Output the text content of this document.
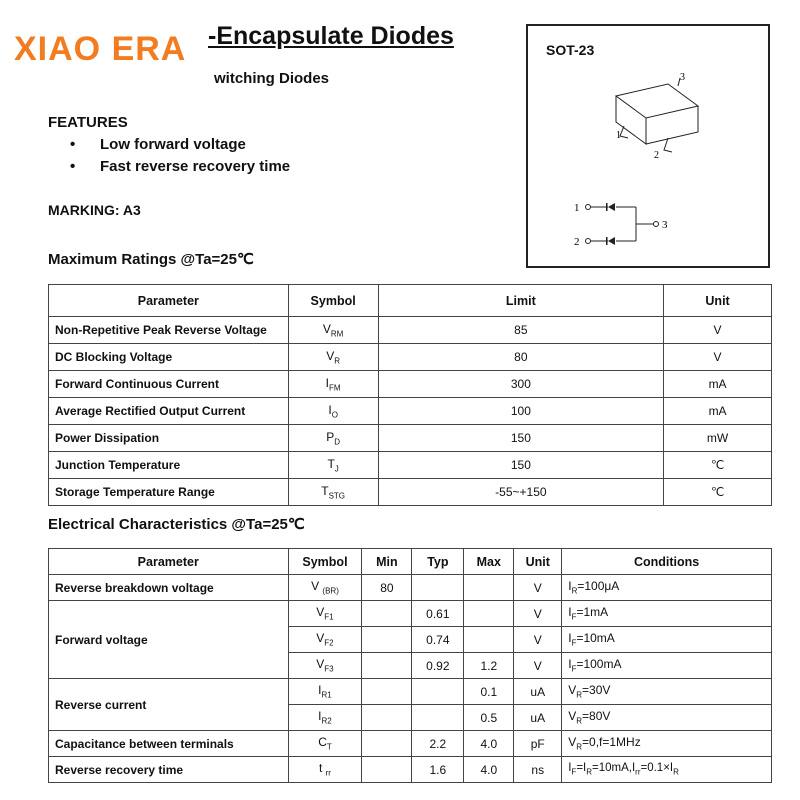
XIAO ERA -Encapsulate Diodes
witching Diodes
FEATURES
• Low forward voltage
• Fast reverse recovery time
MARKING: A3
SOT-23
1
2
3
1
2
3
Maximum Ratings @Ta=25℃
Parameter	Symbol	Limit	Unit
Non-Repetitive Peak Reverse Voltage	$V_{RM}$	85	V
DC Blocking Voltage	$V_R$	80	V
Forward Continuous Current	$I_{FM}$	300	mA
Average Rectified Output Current	$I_O$	100	mA
Power Dissipation	$P_D$	150	mW
Junction Temperature	$T_J$	150	℃
Storage Temperature Range	$T_{STG}$	-55~+150	℃
Electrical Characteristics @Ta=25℃
Parameter	Symbol	Min	Typ	Max	Unit	Conditions
Reverse breakdown voltage	V $_{(BR)}$	80			V	$I_R=100\mu A$
Forward voltage	$V_{F1}$		0.61		V	$I_F=1mA$
	$V_{F2}$		0.74		V	$I_F=10mA$
	$V_{F3}$		0.92	1.2	V	$I_F=100mA$
Reverse current	$I_{R1}$			0.1	uA	$V_R=30V$
	$I_{R2}$			0.5	uA	$V_R=80V$
Capacitance between terminals	$C_T$		2.2	4.0	pF	$V_R=0,f=1MHz$
Reverse recovery time	t $_{rr}$		1.6	4.0	ns	$I_F=I_R=10mA,I_{rr}=0.1\times I_R$
